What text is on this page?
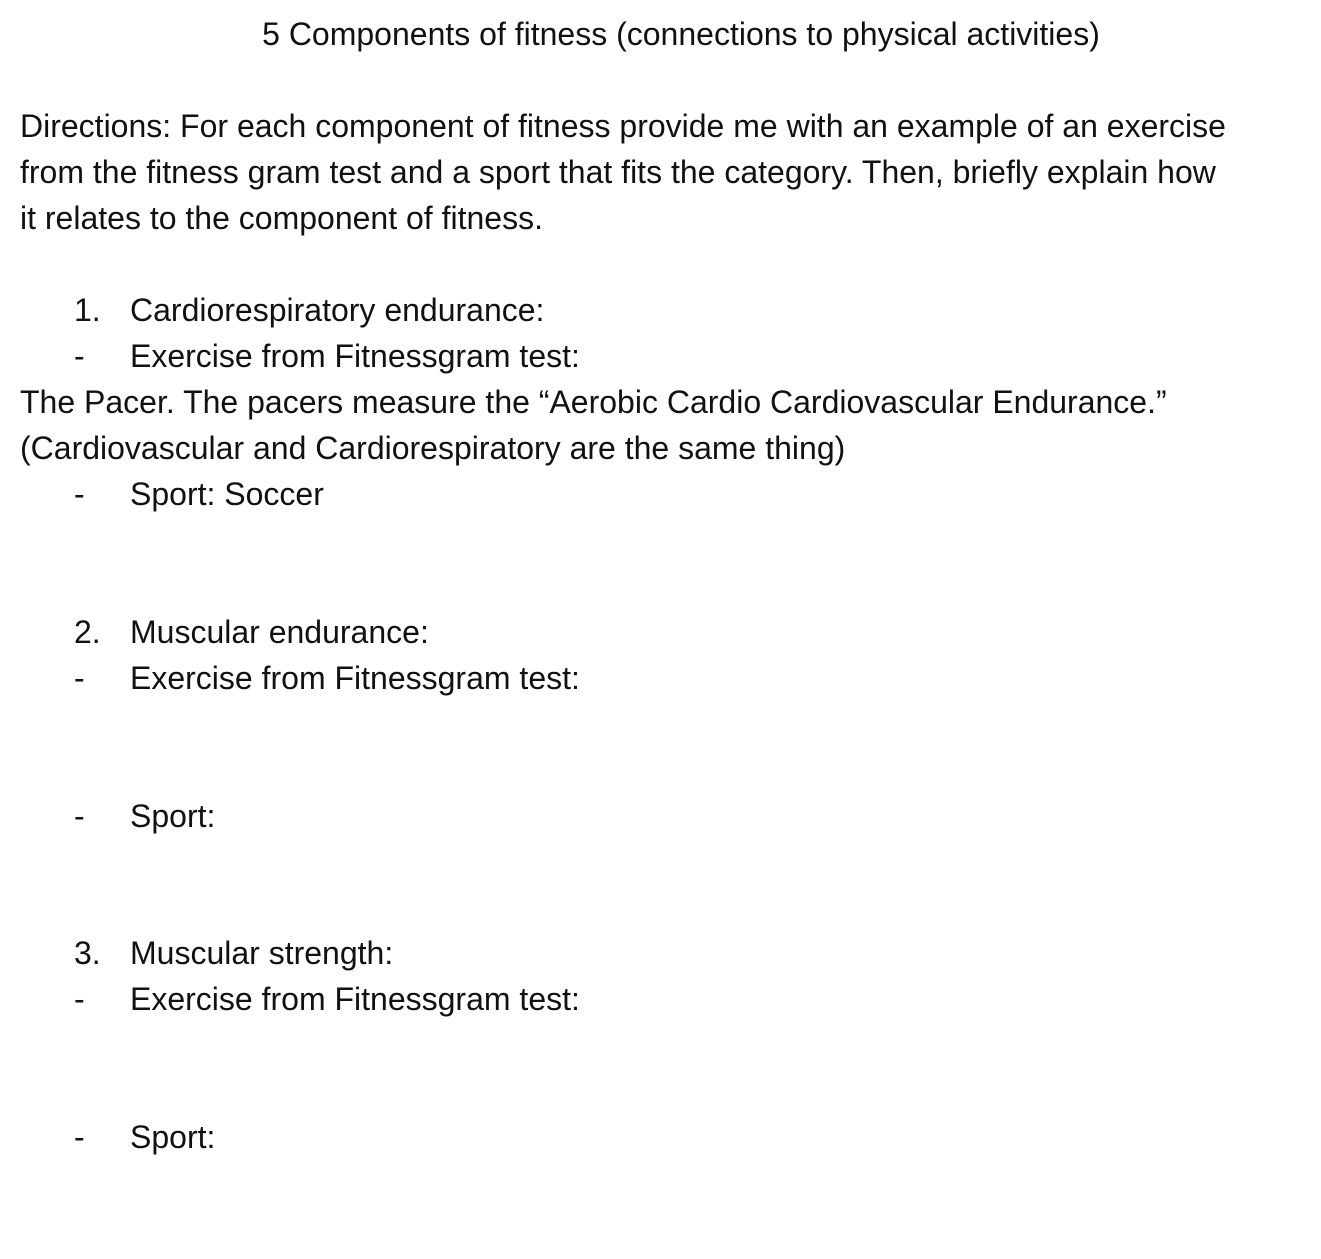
5 Components of fitness (connections to physical activities)
Directions: For each component of fitness provide me with an example of an exercise
from the fitness gram test and a sport that fits the category. Then, briefly explain how
it relates to the component of fitness.
1. Cardiorespiratory endurance:
- Exercise from Fitnessgram test:
The Pacer. The pacers measure the “Aerobic Cardio Cardiovascular Endurance.”
(Cardiovascular and Cardiorespiratory are the same thing)
- Sport: Soccer
2. Muscular endurance:
- Exercise from Fitnessgram test:
- Sport:
3. Muscular strength:
- Exercise from Fitnessgram test:
- Sport:
